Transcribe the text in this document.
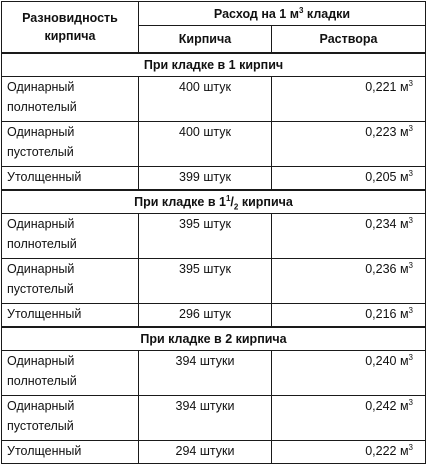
Разновидность
кирпича	Расход на 1 $м^3$ кладки	
	Кирпича	Раствора
При кладке в 1 кирпич		

Одинарный
полнотелый	400 штук	0,221 $м^3$

Одинарный
пустотелый	400 штук	0,223 $м^3$
Утолщенный	399 штук	0,205 $м^3$
При кладке в $1^1/_2$ кирпича		

Одинарный
полнотелый	395 штук	0,234 $м^3$

Одинарный
пустотелый	395 штук	0,236 $м^3$
Утолщенный	296 штук	0,216 $м^3$
При кладке в 2 кирпича		

Одинарный
полнотелый	394 штуки	0,240 $м^3$

Одинарный
пустотелый	394 штуки	0,242 $м^3$
Утолщенный	294 штуки	0,222 $м^3$
